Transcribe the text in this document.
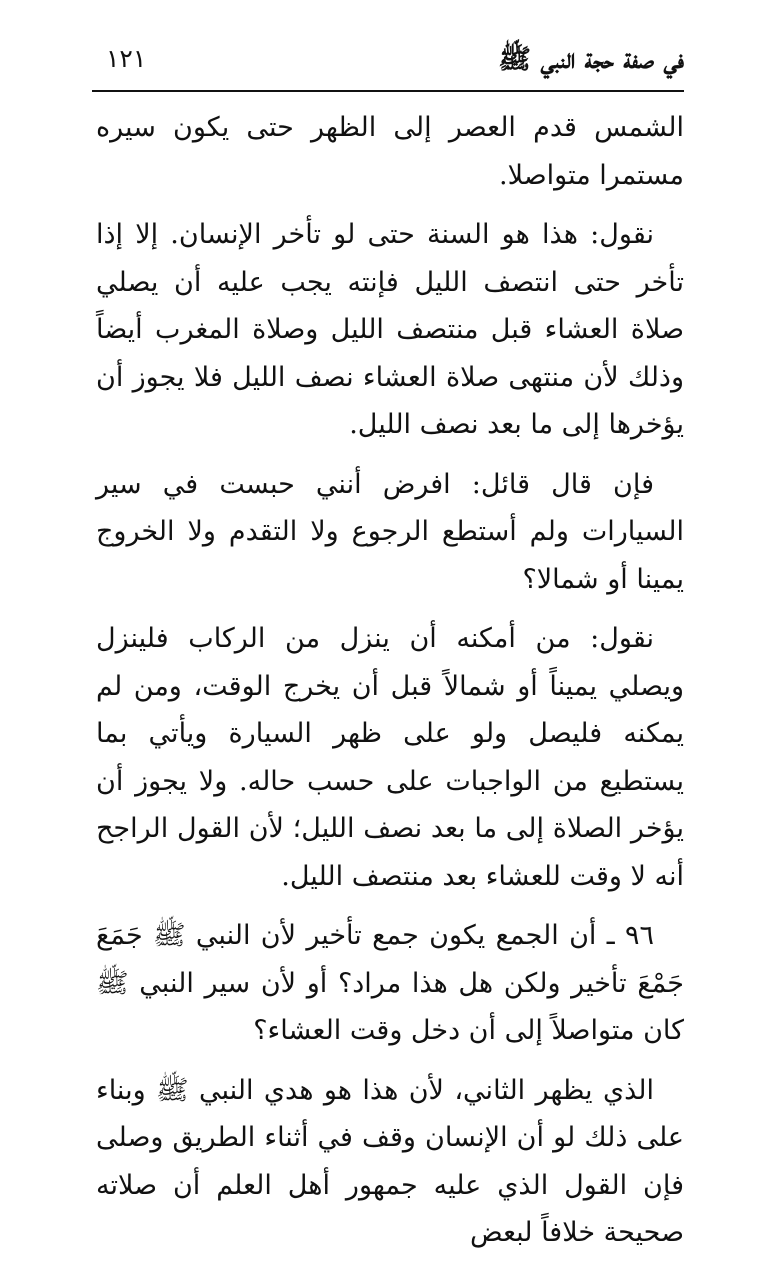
في صفة حجة النبي ﷺ
١٢١

الشمس قدم العصر إلى الظهر حتى يكون سيره مستمرا متواصلا.

نقول: هذا هو السنة حتى لو تأخر الإنسان. إلا إذا تأخر حتى انتصف الليل فإنته يجب عليه أن يصلي صلاة العشاء قبل منتصف الليل وصلاة المغرب أيضاً وذلك لأن منتهى صلاة العشاء نصف الليل فلا يجوز أن يؤخرها إلى ما بعد نصف الليل.

فإن قال قائل: افرض أنني حبست في سير السيارات ولم أستطع الرجوع ولا التقدم ولا الخروج يمينا أو شمالا؟

نقول: من أمكنه أن ينزل من الركاب فلينزل ويصلي يميناً أو شمالاً قبل أن يخرج الوقت، ومن لم يمكنه فليصل ولو على ظهر السيارة ويأتي بما يستطيع من الواجبات على حسب حاله. ولا يجوز أن يؤخر الصلاة إلى ما بعد نصف الليل؛ لأن القول الراجح أنه لا وقت للعشاء بعد منتصف الليل.

٩٦ ـ أن الجمع يكون جمع تأخير لأن النبي ﷺ جَمَعَ جَمْعَ تأخير ولكن هل هذا مراد؟ أو لأن سير النبي ﷺ كان متواصلاً إلى أن دخل وقت العشاء؟

الذي يظهر الثاني، لأن هذا هو هدي النبي ﷺ وبناء على ذلك لو أن الإنسان وقف في أثناء الطريق وصلى فإن القول الذي عليه جمهور أهل العلم أن صلاته صحيحة خلافاً لبعض
